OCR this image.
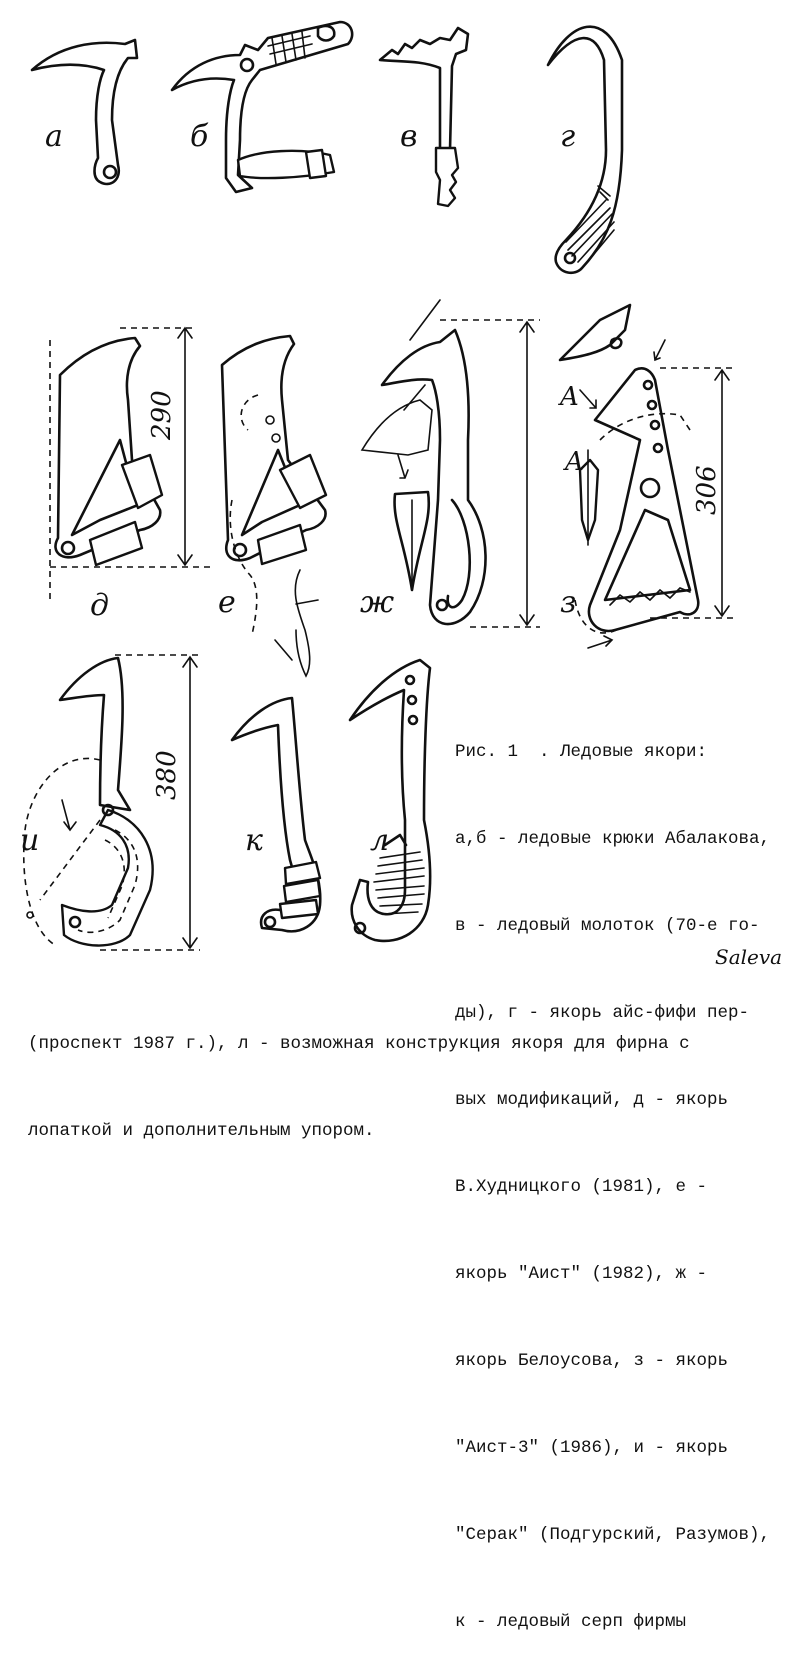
а	б	в	г
290
д	е	ж
306
A
A
з
380
и	к	л

Рис. 1  . Ледовые якори:

а,б - ледовые крюки Абалакова,

в - ледовый молоток (70-е го-

ды), г - якорь айс-фифи пер-

вых модификаций, д - якорь

В.Худницкого (1981), е -

якорь "Аист" (1982), ж -

якорь Белоусова, з - якорь

"Аист-3" (1986), и - якорь

"Серак" (Подгурский, Разумов),

к - ледовый серп фирмы

Saleva

(проспект 1987 г.), л - возможная конструкция якоря для фирна с

лопаткой и дополнительным упором.
